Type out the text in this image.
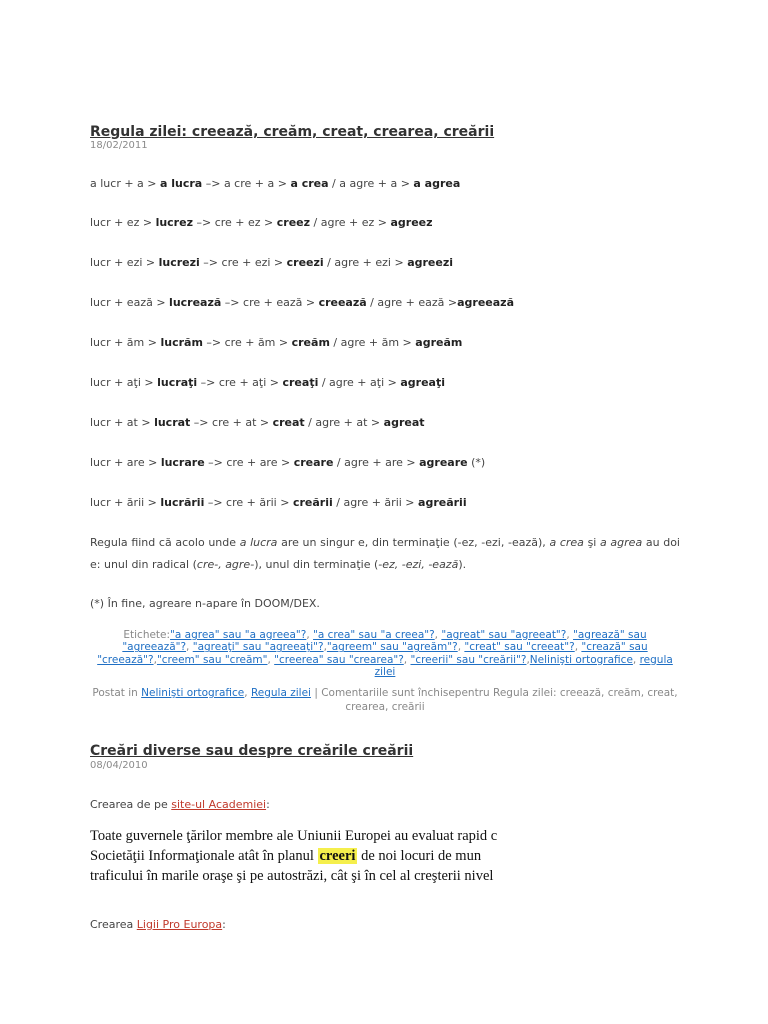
Regula zilei: creează, creăm, creat, crearea, creării
18/02/2011
a lucr + a > a lucra –> a cre + a > a crea / a agre + a > a agrea
lucr + ez > lucrez –> cre + ez > creez / agre + ez > agreez
lucr + ezi > lucrezi –> cre + ezi > creezi / agre + ezi > agreezi
lucr + ează > lucrează –> cre + ează > creează / agre + ează >agreează
lucr + ăm > lucrăm –> cre + ăm > creăm / agre + ăm > agreăm
lucr + aţi > lucraţi –> cre + aţi > creaţi / agre + aţi > agreaţi
lucr + at > lucrat –> cre + at > creat / agre + at > agreat
lucr + are > lucrare –> cre + are > creare / agre + are > agreare (*)
lucr + ării > lucrării –> cre + ării > creării / agre + ării > agreării
Regula fiind că acolo unde a lucra are un singur e, din terminaţie (-ez, -ezi, -ează), a crea şi a agrea au doi e: unul din radical (cre-, agre-), unul din terminaţie (-ez, -ezi, -ează).
(*) În fine, agreare n-apare în DOOM/DEX.
Etichete:"a agrea" sau "a agreea"?, "a crea" sau "a creea"?, "agreat" sau "agreeat"?, "agrează" sau "agreează"?, "agreaţi" sau "agreeaţi"?,"agreem" sau "agreăm"?, "creat" sau "creeat"?, "crează" sau "creează"?,"creem" sau "creăm", "creerea" sau "crearea"?, "creerii" sau "creării"?,Nelinişti ortografice, regula zilei
Postat in Nelinişti ortografice, Regula zilei | Comentariile sunt închisepentru Regula zilei: creează, creăm, creat, crearea, creării
Creări diverse sau despre creările creării
08/04/2010
Crearea de pe site-ul Academiei:
Toate guvernele ţărilor membre ale Uniunii Europei au evaluat rapid c
Societăţii Informaţionale atât în planul creeri de noi locuri de mun
traficului în marile oraşe şi pe autostrăzi, cât şi în cel al creşterii nivel
Crearea Ligii Pro Europa:
